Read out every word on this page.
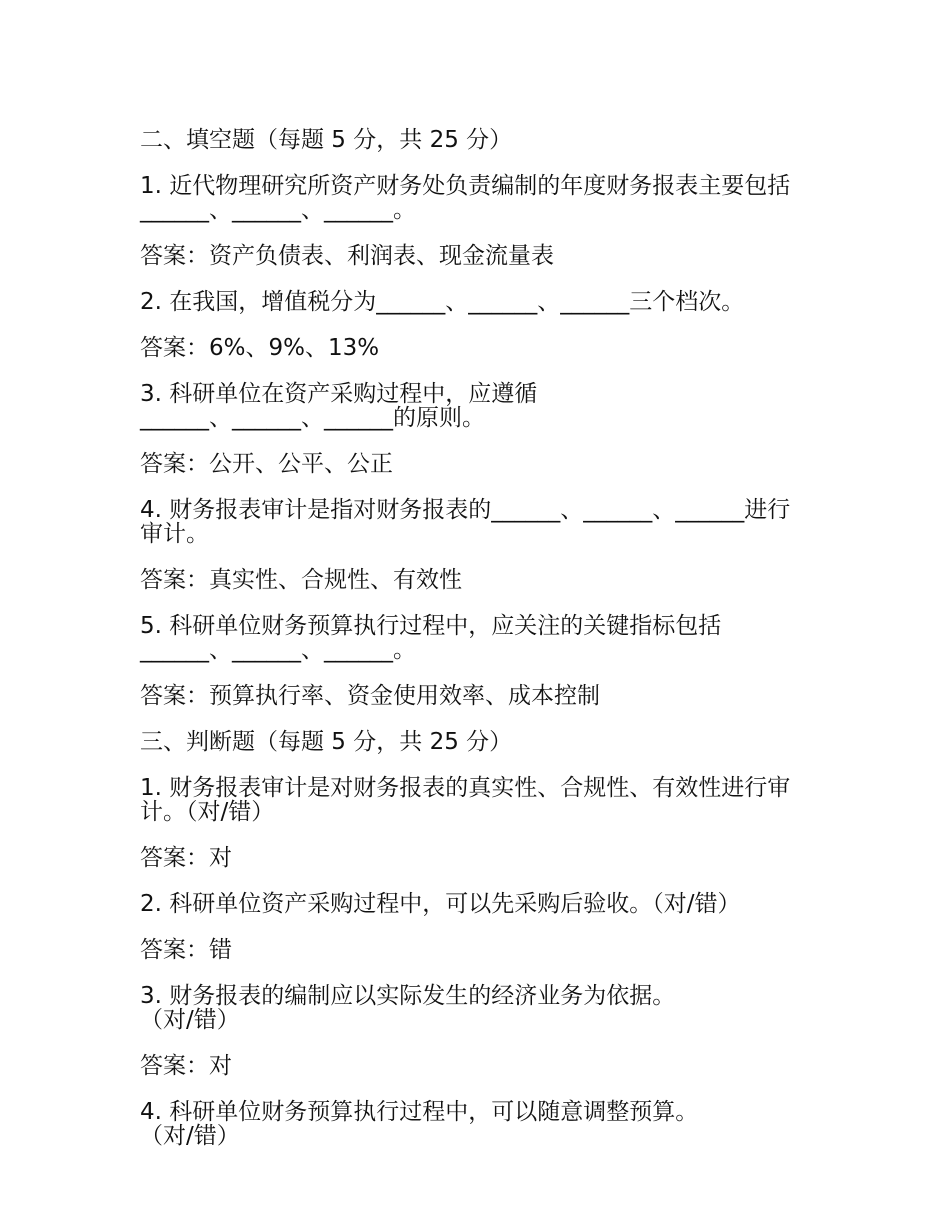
二、填空题（每题 5 分，共 25 分）

1. 近代物理研究所资产财务处负责编制的年度财务报表主要包括______、______、______。

答案：资产负债表、利润表、现金流量表

2. 在我国，增值税分为______、______、______三个档次。

答案：6%、9%、13%

3. 科研单位在资产采购过程中，应遵循
______、______、______的原则。

答案：公开、公平、公正

4. 财务报表审计是指对财务报表的______、______、______进行审计。

答案：真实性、合规性、有效性

5. 科研单位财务预算执行过程中，应关注的关键指标包括
______、______、______。

答案：预算执行率、资金使用效率、成本控制

三、判断题（每题 5 分，共 25 分）

1. 财务报表审计是对财务报表的真实性、合规性、有效性进行审计。（对/错）

答案：对

2. 科研单位资产采购过程中，可以先采购后验收。（对/错）

答案：错

3. 财务报表的编制应以实际发生的经济业务为依据。
（对/错）

答案：对

4. 科研单位财务预算执行过程中，可以随意调整预算。
（对/错）
